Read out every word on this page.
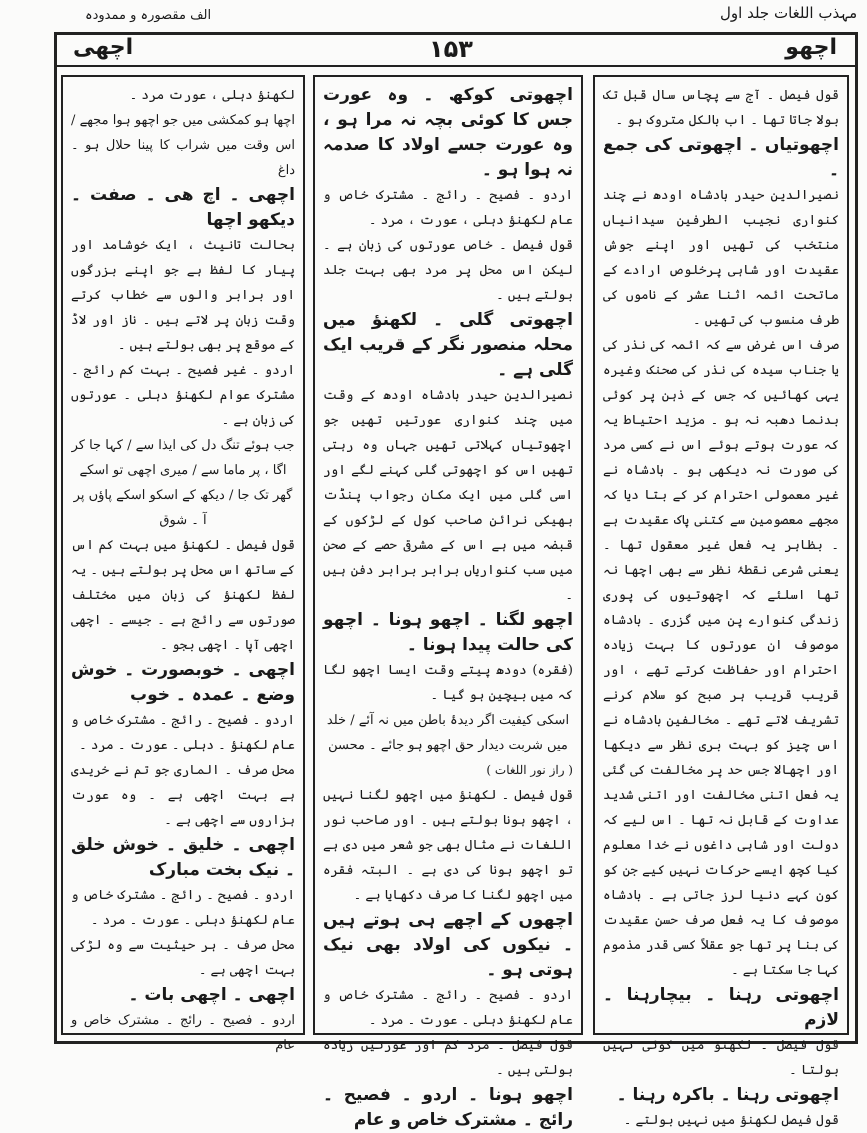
الف مقصورہ و ممدودہ	مہذب اللغات جلد اول
اچھی	۱۵۳	اچھو

قول فیصل ۔ آج سے پچاس سال قبل تک بولا جاتا تھا ۔ اب بالکل متروک ہو ۔

اچھوتیاں ۔ اچھوتی کی جمع ۔

نصیرالدین حیدر بادشاہ اودھ نے چند کنواری نجیب الطرفین سیدانیاں منتخب کی تھیں اور اپنے جوش عقیدت اور شاہی پرخلوص ارادے کے ماتحت ائمہ اثنا عشر کے ناموں کی طرف منسوب کی تھیں ۔

صرف اس غرض سے کہ ائمہ کی نذر کی یا جناب سیدہ کی نذر کی صحنک وغیرہ یہی کھائیں کہ جس کے ذہن پر کوئی بدنما دھبہ نہ ہو ۔ مزید احتیاط یہ کہ عورت ہوتے ہوئے اس نے کسی مرد کی صورت نہ دیکھی ہو ۔ بادشاہ نے غیر معمولی احترام کر کے بتا دیا کہ مجھے معصومین سے کتنی پاک عقیدت ہے ۔ بظاہر یہ فعل غیر معقول تھا ۔ یعنی شرعی نقطۂ نظر سے بھی اچھا نہ تھا اسلئے کہ اچھوتیوں کی پوری زندگی کنوارے پن میں گزری ۔ بادشاہ موصوف ان عورتوں کا بہت زیادہ احترام اور حفاظت کرتے تھے ، اور قریب قریب ہر صبح کو سلام کرنے تشریف لاتے تھے ۔ مخالفین بادشاہ نے اس چیز کو بہت بری نظر سے دیکھا اور اچھالا جس حد پر مخالفت کی گئی یہ فعل اتنی مخالفت اور اتنی شدید عداوت کے قابل نہ تھا ۔ اس لیے کہ دولت اور شاہی داغوں نے خدا معلوم کیا کچھ ایسے حرکات نہیں کیے جن کو کون کہے دنیا لرز جاتی ہے ۔ بادشاہ موصوف کا یہ فعل صرف حسن عقیدت کی بنا پر تھا جو عقلاً کسی قدر مذموم کہا جا سکتا ہے ۔

اچھوتی رہنا ۔ بیچارہنا ۔ لازم

قول فیصل ۔ لکھنؤ میں کوئی نہیں بولتا ۔

اچھوتی رہنا ۔ باکرہ رہنا ۔

قول فیصل لکھنؤ میں نہیں بولتے ۔

اچھوتی کوکھ ۔ وہ عورت جس کا کوئی بچہ نہ مرا ہو ، وہ عورت جسے اولاد کا صدمہ نہ ہوا ہو ۔

اردو ۔ فصیح ۔ رائج ۔ مشترک خاص و عام لکھنؤ دہلی ، عورت ، مرد ۔

قول فیصل ۔ خاص عورتوں کی زبان ہے ۔ لیکن اس محل پر مرد بھی بہت جلد بولتے ہیں ۔

اچھوتی گلی ۔ لکھنؤ میں محلہ منصور نگر کے قریب ایک گلی ہے ۔

نصیرالدین حیدر بادشاہ اودھ کے وقت میں چند کنواری عورتیں تھیں جو اچھوتیاں کہلاتی تھیں جہاں وہ رہتی تھیں اس کو اچھوتی گلی کہنے لگے اور اسی گلی میں ایک مکان رجواب پنڈت بھیکی نرائن صاحب کول کے لڑکوں کے قبضہ میں ہے اس کے مشرقی حصے کے صحن میں سب کنواریاں برابر برابر دفن ہیں ۔

اچھو لگنا ۔ اچھو ہونا ۔ اچھو کی حالت پیدا ہونا ۔

(فقرہ) دودھ پیتے وقت ایسا اچھو لگا کہ میں بیچین ہو گیا ۔

اسکی کیفیت اگر دیدۂ باطن میں نہ آئے / خلد میں شربت دیدار حق اچھو ہو جائے ۔ محسن

( راز نور اللغات )

قول فیصل ۔ لکھنؤ میں اچھو لگنا نہیں ، اچھو ہونا بولتے ہیں ۔ اور صاحب نور اللغات نے مثال بھی جو شعر میں دی ہے تو اچھو ہونا کی دی ہے ۔ البتہ فقرہ میں اچھو لگنا کا صرف دکھایا ہے ۔

اچھوں کے اچھے ہی ہوتے ہیں ۔ نیکوں کی اولاد بھی نیک ہوتی ہو ۔

اردو ۔ فصیح ۔ رائج ۔ مشترک خاص و عام لکھنؤ دہلی ۔ عورت ۔ مرد ۔

قول فیصل ۔ مرد کم اور عورتیں زیادہ بولتی ہیں ۔

اچھو ہونا ۔ اردو ۔ فصیح ۔ رائج ۔ مشترک خاص و عام

لکھنؤ دہلی ، عورت مرد ۔

اچھا ہو کمکشی میں جو اچھو ہوا مجھے / اس وقت میں شراب کا پینا حلال ہو ۔ داغ

اچھی ۔ اچ ھی ۔ صفت ۔ دیکھو اچھا

بحالت تانیث ، ایک خوشامد اور پیار کا لفظ ہے جو اپنے بزرگوں اور برابر والوں سے خطاب کرتے وقت زبان پر لاتے ہیں ۔ ناز اور لاڈ کے موقع پر بھی بولتے ہیں ۔

اردو ۔ غیر فصیح ۔ بہت کم رائج ۔ مشترک عوام لکھنؤ دہلی ۔ عورتوں کی زبان ہے ۔

جب ہوئے تنگ دل کی ایذا سے / کہا جا کر اگا ، پر ماما سے / میری اچھی تو اسکے گھر تک جا / دیکھ کے اسکو اسکے پاؤں پر آ ۔ شوق

قول فیصل ۔ لکھنؤ میں بہت کم اس کے ساتھ اس محل پر بولتے ہیں ۔ یہ لفظ لکھنؤ کی زبان میں مختلف صورتوں سے رائج ہے ۔ جیسے ۔ اچھی اچھی آپا ۔ اچھی بجو ۔

اچھی ۔ خوبصورت ۔ خوش وضع ۔ عمدہ ۔ خوب

اردو ۔ فصیح ۔ رائج ۔ مشترک خاص و عام لکھنؤ ۔ دہلی ۔ عورت ۔ مرد ۔

محل صرف ۔ الماری جو تم نے خریدی ہے بہت اچھی ہے ۔ وہ عورت ہزاروں سے اچھی ہے ۔

اچھی ۔ خلیق ۔ خوش خلق ۔ نیک بخت مبارک

اردو ۔ فصیح ۔ رائج ۔ مشترک خاص و عام لکھنؤ دہلی ۔ عورت ۔ مرد ۔

محل صرف ۔ ہر حیثیت سے وہ لڑکی بہت اچھی ہے ۔

اچھی ۔ اچھی بات ۔

اردو ۔ فصیح ۔ رائج ۔ مشترک خاص و عام
